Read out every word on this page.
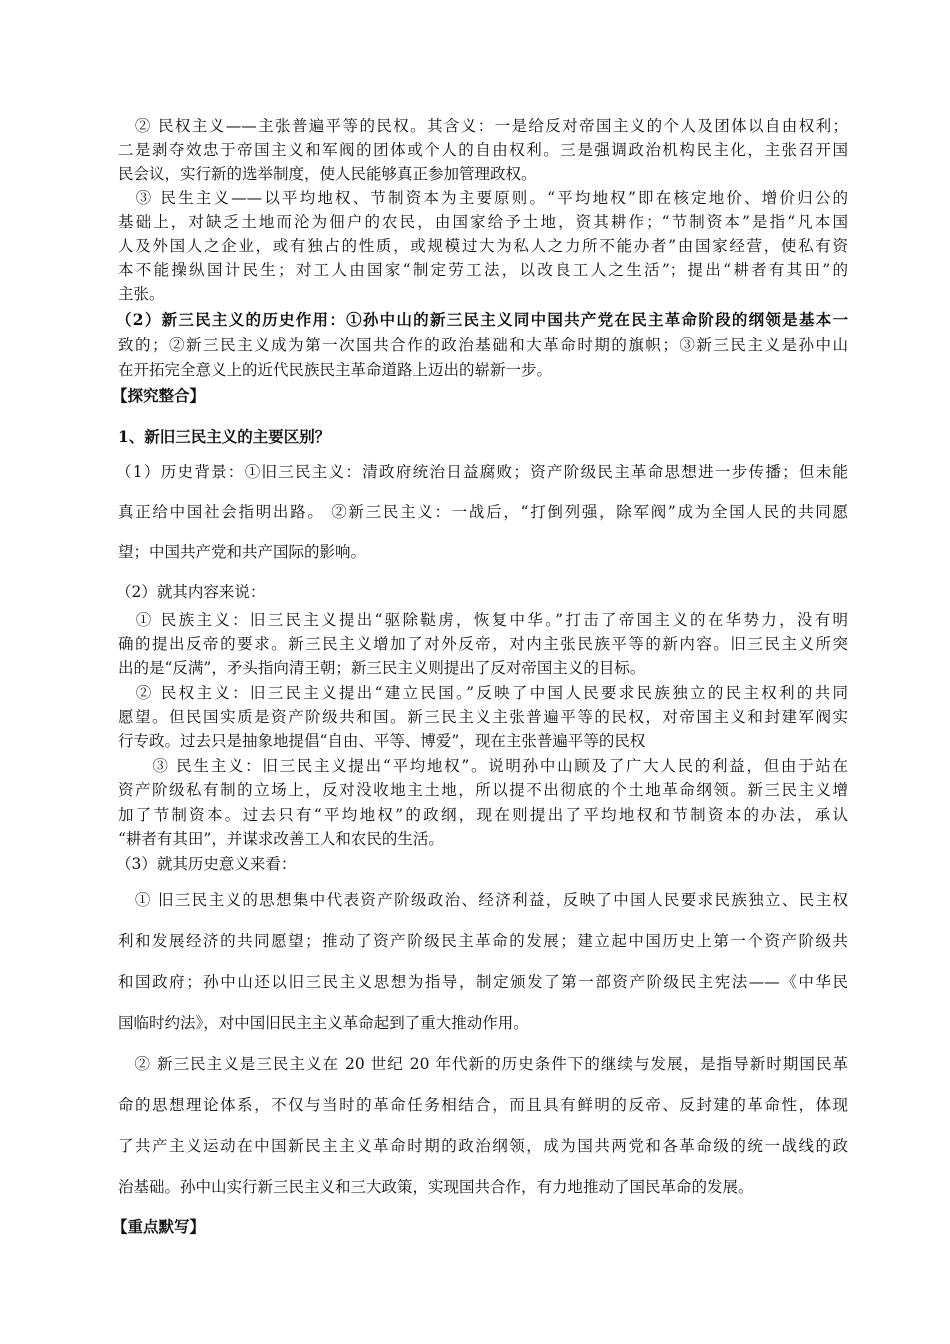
　② 民权主义——主张普遍平等的民权。其含义：一是给反对帝国主义的个人及团体以自由权利；
二是剥夺效忠于帝国主义和军阀的团体或个人的自由权利。三是强调政治机构民主化，主张召开国
民会议，实行新的选举制度，使人民能够真正参加管理政权。
　③ 民生主义——以平均地权、节制资本为主要原则。“平均地权”即在核定地价、增价归公的
基础上，对缺乏土地而沦为佃户的农民，由国家给予土地，资其耕作；“节制资本”是指“凡本国
人及外国人之企业，或有独占的性质，或规模过大为私人之力所不能办者”由国家经营，使私有资
本不能操纵国计民生；对工人由国家“制定劳工法，以改良工人之生活”；提出“耕者有其田”的
主张。
（2）新三民主义的历史作用：①孙中山的新三民主义同中国共产党在民主革命阶段的纲领是基本一
致的；②新三民主义成为第一次国共合作的政治基础和大革命时期的旗帜；③新三民主义是孙中山
在开拓完全意义上的近代民族民主革命道路上迈出的崭新一步。
【探究整合】
1、新旧三民主义的主要区别？
（1）历史背景：①旧三民主义：清政府统治日益腐败；资产阶级民主革命思想进一步传播；但未能
真正给中国社会指明出路。 ②新三民主义：一战后，“打倒列强，除军阀”成为全国人民的共同愿
望；中国共产党和共产国际的影响。
（2）就其内容来说：
　① 民族主义：旧三民主义提出“驱除鞑虏，恢复中华。”打击了帝国主义的在华势力，没有明
确的提出反帝的要求。新三民主义增加了对外反帝，对内主张民族平等的新内容。旧三民主义所突
出的是“反满”，矛头指向清王朝；新三民主义则提出了反对帝国主义的目标。
　② 民权主义：旧三民主义提出“建立民国。”反映了中国人民要求民族独立的民主权利的共同
愿望。但民国实质是资产阶级共和国。新三民主义主张普遍平等的民权，对帝国主义和封建军阀实
行专政。过去只是抽象地提倡“自由、平等、博爱”，现在主张普遍平等的民权
　　③ 民生主义：旧三民主义提出“平均地权”。说明孙中山顾及了广大人民的利益，但由于站在
资产阶级私有制的立场上，反对没收地主土地，所以提不出彻底的个土地革命纲领。新三民主义增
加了节制资本。过去只有“平均地权”的政纲，现在则提出了平均地权和节制资本的办法，承认
“耕者有其田”，并谋求改善工人和农民的生活。
（3）就其历史意义来看：
　① 旧三民主义的思想集中代表资产阶级政治、经济利益，反映了中国人民要求民族独立、民主权
利和发展经济的共同愿望；推动了资产阶级民主革命的发展；建立起中国历史上第一个资产阶级共
和国政府；孙中山还以旧三民主义思想为指导，制定颁发了第一部资产阶级民主宪法——《中华民
国临时约法》，对中国旧民主主义革命起到了重大推动作用。
　② 新三民主义是三民主义在 20 世纪 20 年代新的历史条件下的继续与发展，是指导新时期国民革
命的思想理论体系，不仅与当时的革命任务相结合，而且具有鲜明的反帝、反封建的革命性，体现
了共产主义运动在中国新民主主义革命时期的政治纲领，成为国共两党和各革命级的统一战线的政
治基础。孙中山实行新三民主义和三大政策，实现国共合作，有力地推动了国民革命的发展。
【重点默写】
